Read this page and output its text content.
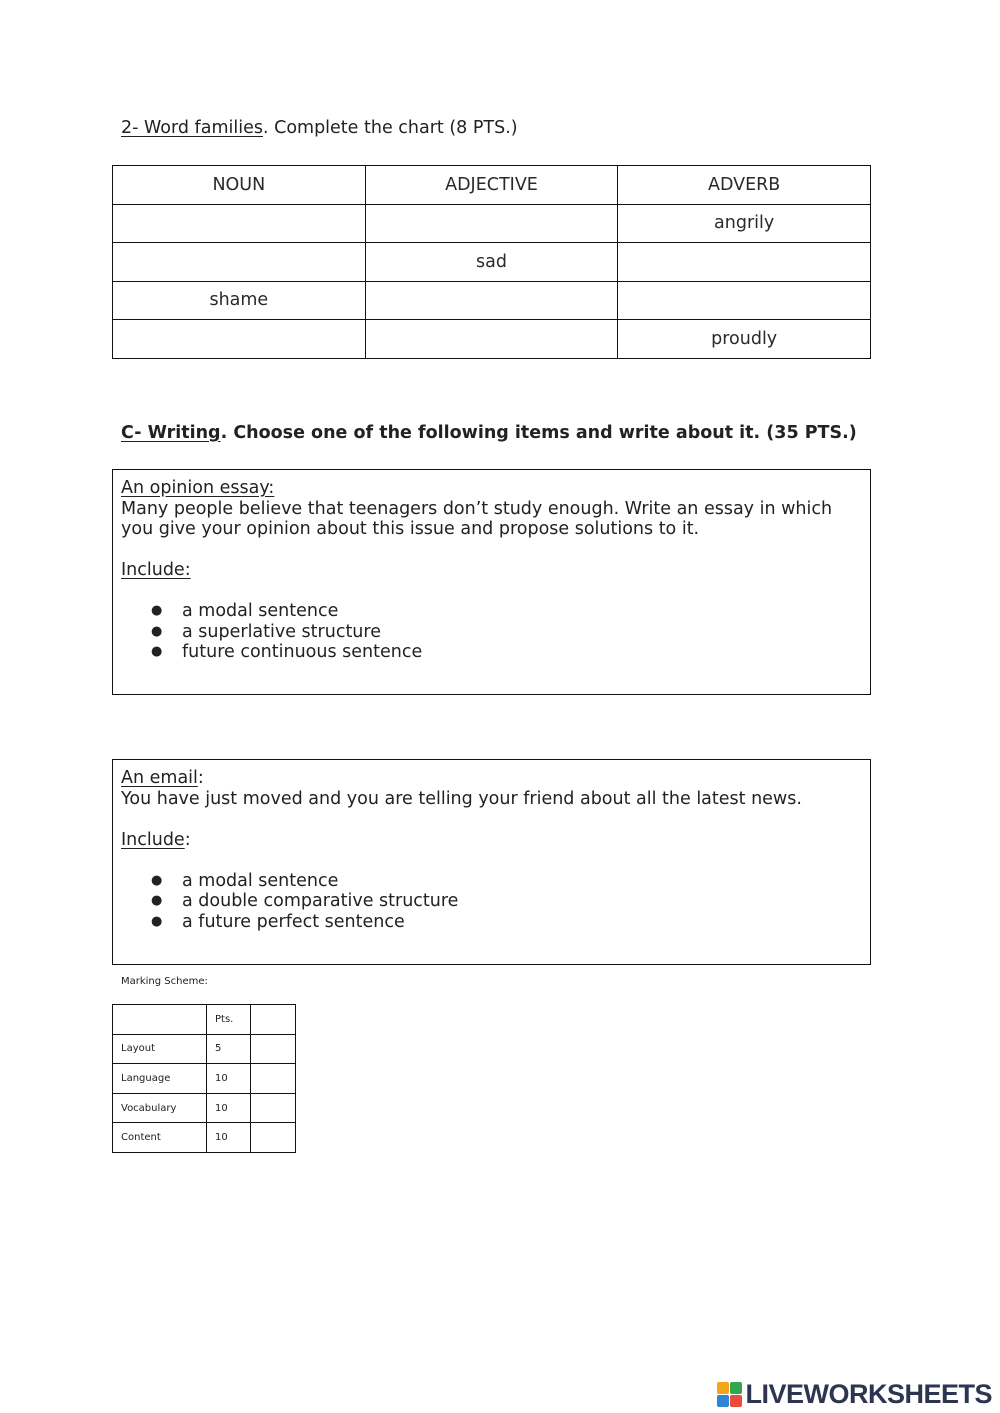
2- Word families. Complete the chart (8 PTS.)
NOUN	ADJECTIVE	ADVERB
		angrily
	sad	
shame		
		proudly
C- Writing. Choose one of the following items and write about it. (35 PTS.)
An opinion essay:
Many people believe that teenagers don’t study enough. Write an essay in which you give your opinion about this issue and propose solutions to it.
Include:
● a modal sentence
● a superlative structure
● future continuous sentence
An email:
You have just moved and you are telling your friend about all the latest news.
Include:
● a modal sentence
● a double comparative structure
● a future perfect sentence
Marking Scheme:
	Pts.	
Layout	5	
Language	10	
Vocabulary	10	
Content	10	
LIVEWORKSHEETS
